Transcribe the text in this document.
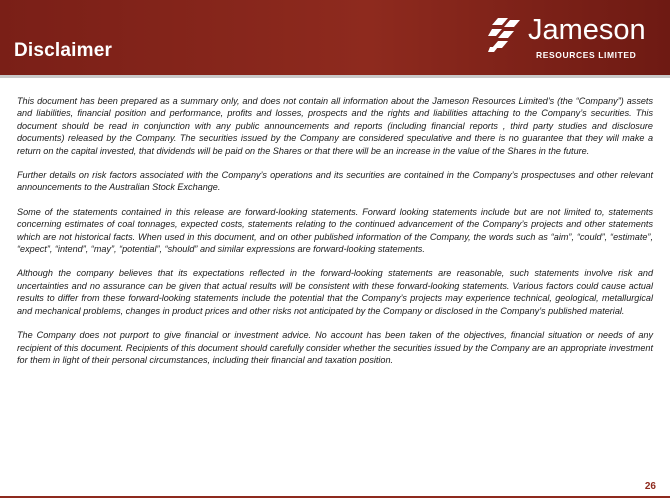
Disclaimer
Jameson
RESOURCES LIMITED

This document has been prepared as a summary only, and does not contain all information about the Jameson Resources Limited’s (the “Company”) assets and liabilities, financial position and performance, profits and losses, prospects and the rights and liabilities attaching to the Company’s securities. This document should be read in conjunction with any public announcements and reports (including financial reports , third party studies and disclosure documents) released by the Company. The securities issued by the Company are considered speculative and there is no guarantee that they will make a return on the capital invested, that dividends will be paid on the Shares or that there will be an increase in the value of the Shares in the future.

Further details on risk factors associated with the Company’s operations and its securities are contained in the Company’s prospectuses and other relevant announcements to the Australian Stock Exchange.

Some of the statements contained in this release are forward-looking statements. Forward looking statements include but are not limited to, statements concerning estimates of coal tonnages, expected costs, statements relating to the continued advancement of the Company’s projects and other statements which are not historical facts. When used in this document, and on other published information of the Company, the words such as “aim”, “could”, “estimate”, “expect”, “intend”, “may”, “potential”, “should” and similar expressions are forward-looking statements.

Although the company believes that its expectations reflected in the forward-looking statements are reasonable, such statements involve risk and uncertainties and no assurance can be given that actual results will be consistent with these forward-looking statements. Various factors could cause actual results to differ from these forward-looking statements include the potential that the Company’s projects may experience technical, geological, metallurgical and mechanical problems, changes in product prices and other risks not anticipated by the Company or disclosed in the Company’s published material.

The Company does not purport to give financial or investment advice. No account has been taken of the objectives, financial situation or needs of any recipient of this document. Recipients of this document should carefully consider whether the securities issued by the Company are an appropriate investment for them in light of their personal circumstances, including their financial and taxation position.

26
